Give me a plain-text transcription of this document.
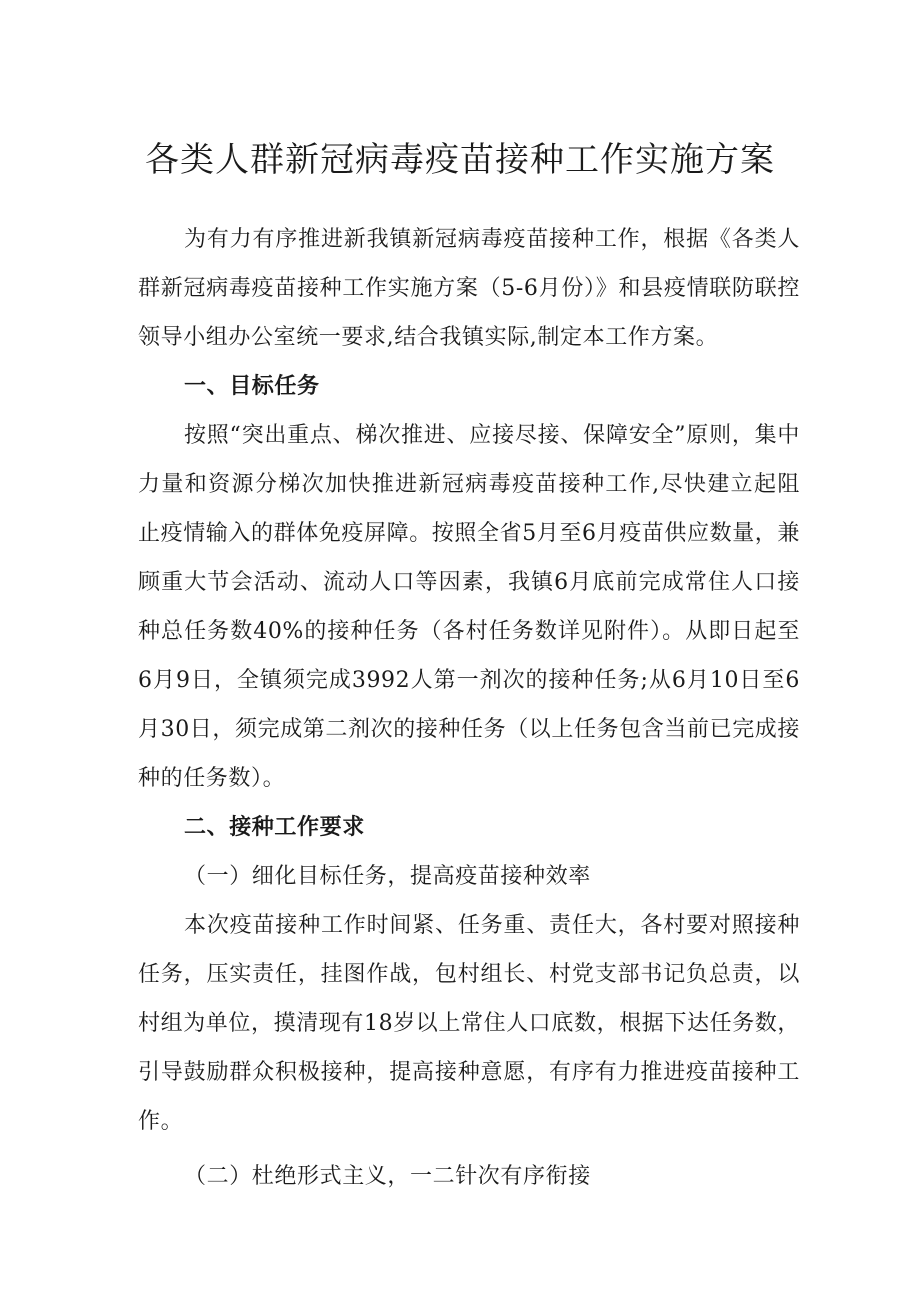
各类人群新冠病毒疫苗接种工作实施方案

为有力有序推进新我镇新冠病毒疫苗接种工作，根据《各类人群新冠病毒疫苗接种工作实施方案（5-6月份）》和县疫情联防联控领导小组办公室统一要求,结合我镇实际,制定本工作方案。

一、目标任务

按照“突出重点、梯次推进、应接尽接、保障安全”原则，集中力量和资源分梯次加快推进新冠病毒疫苗接种工作,尽快建立起阻止疫情输入的群体免疫屏障。按照全省5月至6月疫苗供应数量，兼顾重大节会活动、流动人口等因素，我镇6月底前完成常住人口接种总任务数40%的接种任务（各村任务数详见附件）。从即日起至6月9日，全镇须完成3992人第一剂次的接种任务;从6月10日至6月30日，须完成第二剂次的接种任务（以上任务包含当前已完成接种的任务数）。

二、接种工作要求

（一）细化目标任务，提高疫苗接种效率

本次疫苗接种工作时间紧、任务重、责任大，各村要对照接种任务，压实责任，挂图作战，包村组长、村党支部书记负总责，以村组为单位，摸清现有18岁以上常住人口底数，根据下达任务数，引导鼓励群众积极接种，提高接种意愿，有序有力推进疫苗接种工作。

（二）杜绝形式主义，一二针次有序衔接
